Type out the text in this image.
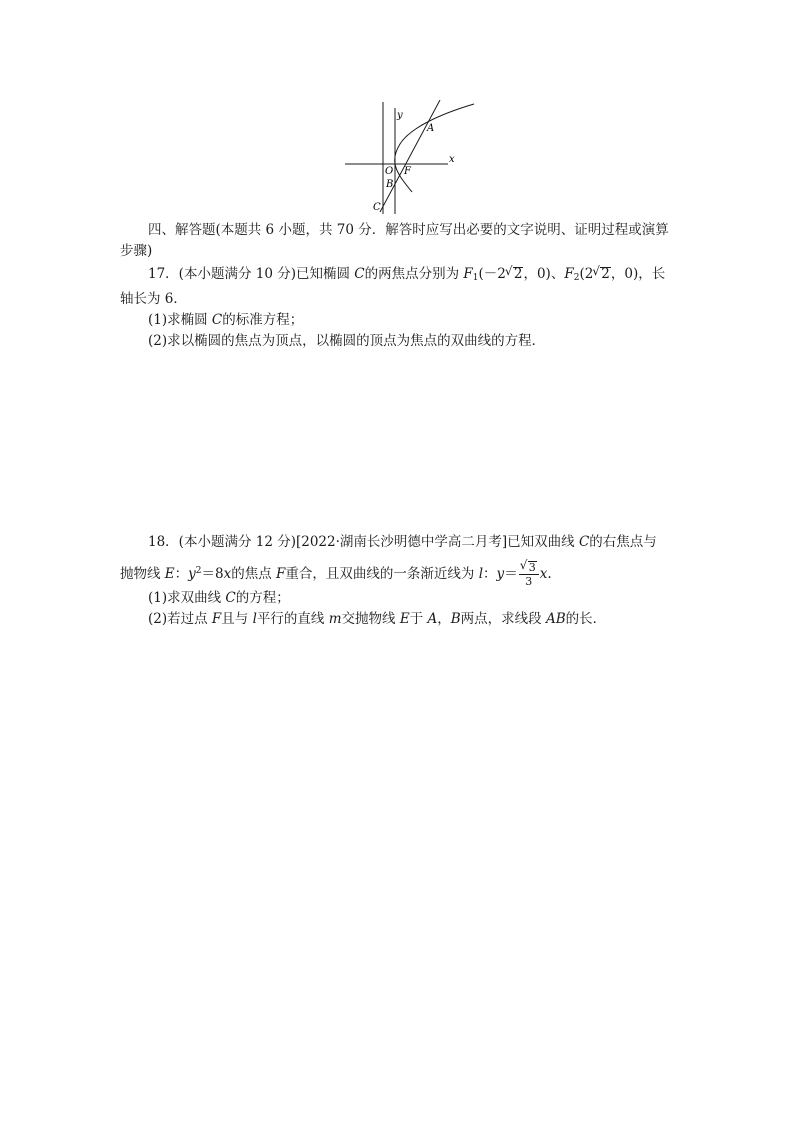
y
x
A
O F
B
C
四、解答题(本题共 6 小题，共 70 分．解答时应写出必要的文字说明、证明过程或演算
步骤)
17．(本小题满分 10 分)已知椭圆 C的两焦点分别为 $F_1(-2√$ 2，0)、$F_2(2√$ 2，0)，长
轴长为 6．
(1)求椭圆 C的标准方程；
(2)求以椭圆的焦点为顶点，以椭圆的顶点为焦点的双曲线的方程．
18．(本小题满分 12 分)[2022·湖南长沙明德中学高二月考]已知双曲线 C的右焦点与
抛物线 E：$y^2=8x$的焦点 F重合，且双曲线的一条渐近线为 l：y＝
√ $\frac{3}{3} x$.
(1)求双曲线 C的方程；
(2)若过点 F且与 l平行的直线 m交抛物线 E于 A，B两点，求线段 AB的长．
